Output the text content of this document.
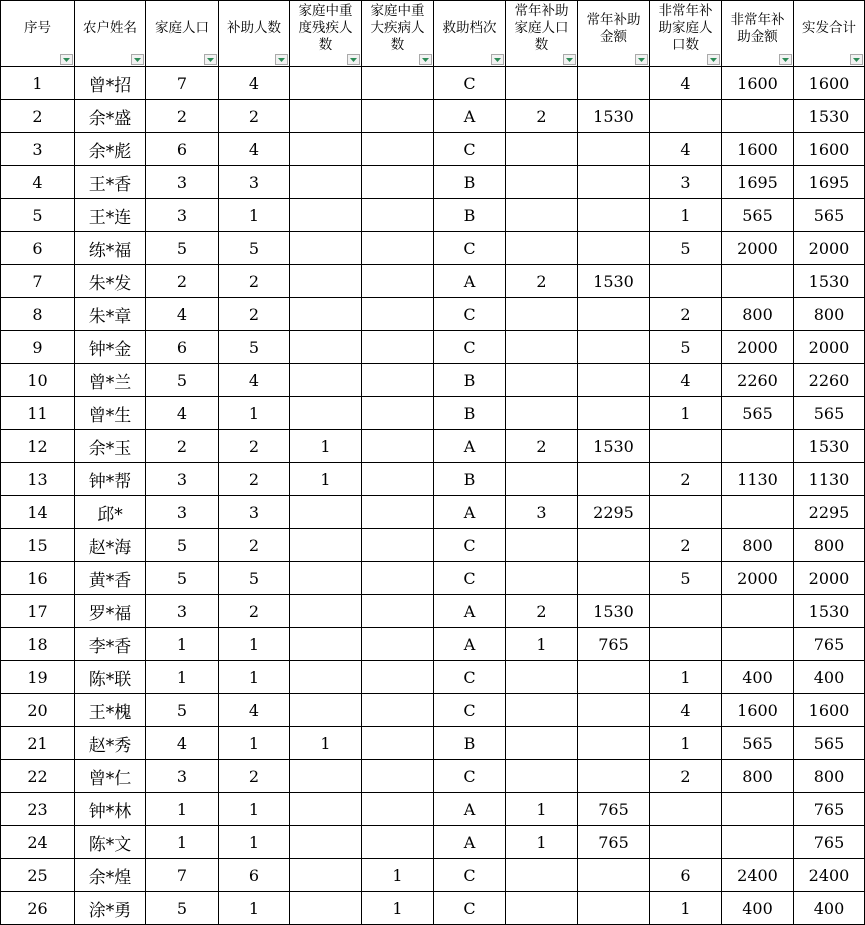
序号	农户姓名	家庭人口	补助人数	家庭中重度残疾人数	家庭中重大疾病人数	救助档次	常年补助家庭人口数	常年补助金额	非常年补助家庭人口数	非常年补助金额	实发合计

1	曾*招	7	4			C			4	1600	1600
2	余*盛	2	2			A	2	1530			1530
3	余*彪	6	4			C			4	1600	1600
4	王*香	3	3			B			3	1695	1695
5	王*连	3	1			B			1	565	565
6	练*福	5	5			C			5	2000	2000
7	朱*发	2	2			A	2	1530			1530
8	朱*章	4	2			C			2	800	800
9	钟*金	6	5			C			5	2000	2000
10	曾*兰	5	4			B			4	2260	2260
11	曾*生	4	1			B			1	565	565
12	余*玉	2	2	1		A	2	1530			1530
13	钟*帮	3	2	1		B			2	1130	1130
14	邱*	3	3			A	3	2295			2295
15	赵*海	5	2			C			2	800	800
16	黄*香	5	5			C			5	2000	2000
17	罗*福	3	2			A	2	1530			1530
18	李*香	1	1			A	1	765			765
19	陈*联	1	1			C			1	400	400
20	王*槐	5	4			C			4	1600	1600
21	赵*秀	4	1	1		B			1	565	565
22	曾*仁	3	2			C			2	800	800
23	钟*林	1	1			A	1	765			765
24	陈*文	1	1			A	1	765			765
25	余*煌	7	6		1	C			6	2400	2400
26	涂*勇	5	1		1	C			1	400	400
